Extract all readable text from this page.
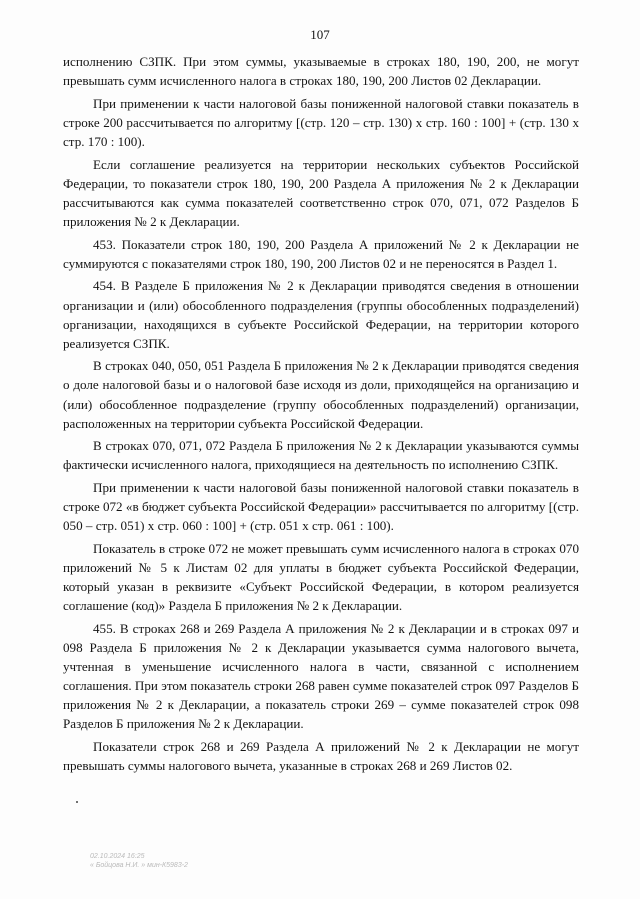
107

исполнению СЗПК. При этом суммы, указываемые в строках 180, 190, 200, не могут превышать сумм исчисленного налога в строках 180, 190, 200 Листов 02 Декларации.

При применении к части налоговой базы пониженной налоговой ставки показатель в строке 200 рассчитывается по алгоритму [(стр. 120 – стр. 130) х стр. 160 : 100] + (стр. 130 х стр. 170 : 100).

Если соглашение реализуется на территории нескольких субъектов Российской Федерации, то показатели строк 180, 190, 200 Раздела А приложения № 2 к Декларации рассчитываются как сумма показателей соответственно строк 070, 071, 072 Разделов Б приложения № 2 к Декларации.

453. Показатели строк 180, 190, 200 Раздела А приложений № 2 к Декларации не суммируются с показателями строк 180, 190, 200 Листов 02 и не переносятся в Раздел 1.

454. В Разделе Б приложения № 2 к Декларации приводятся сведения в отношении организации и (или) обособленного подразделения (группы обособленных подразделений) организации, находящихся в субъекте Российской Федерации, на территории которого реализуется СЗПК.

В строках 040, 050, 051 Раздела Б приложения № 2 к Декларации приводятся сведения о доле налоговой базы и о налоговой базе исходя из доли, приходящейся на организацию и (или) обособленное подразделение (группу обособленных подразделений) организации, расположенных на территории субъекта Российской Федерации.

В строках 070, 071, 072 Раздела Б приложения № 2 к Декларации указываются суммы фактически исчисленного налога, приходящиеся на деятельность по исполнению СЗПК.

При применении к части налоговой базы пониженной налоговой ставки показатель в строке 072 «в бюджет субъекта Российской Федерации» рассчитывается по алгоритму [(стр. 050 – стр. 051) х стр. 060 : 100] + (стр. 051 х стр. 061 : 100).

Показатель в строке 072 не может превышать сумм исчисленного налога в строках 070 приложений № 5 к Листам 02 для уплаты в бюджет субъекта Российской Федерации, который указан в реквизите «Субъект Российской Федерации, в котором реализуется соглашение (код)» Раздела Б приложения № 2 к Декларации.

455. В строках 268 и 269 Раздела А приложения № 2 к Декларации и в строках 097 и 098 Раздела Б приложения № 2 к Декларации указывается сумма налогового вычета, учтенная в уменьшение исчисленного налога в части, связанной с исполнением соглашения. При этом показатель строки 268 равен сумме показателей строк 097 Разделов Б приложения № 2 к Декларации, а показатель строки 269 – сумме показателей строк 098 Разделов Б приложения № 2 к Декларации.

Показатели строк 268 и 269 Раздела А приложений № 2 к Декларации не могут превышать суммы налогового вычета, указанные в строках 268 и 269 Листов 02.

02.10.2024 16:25
« Бойцова Н.И. » мин-К5983-2
